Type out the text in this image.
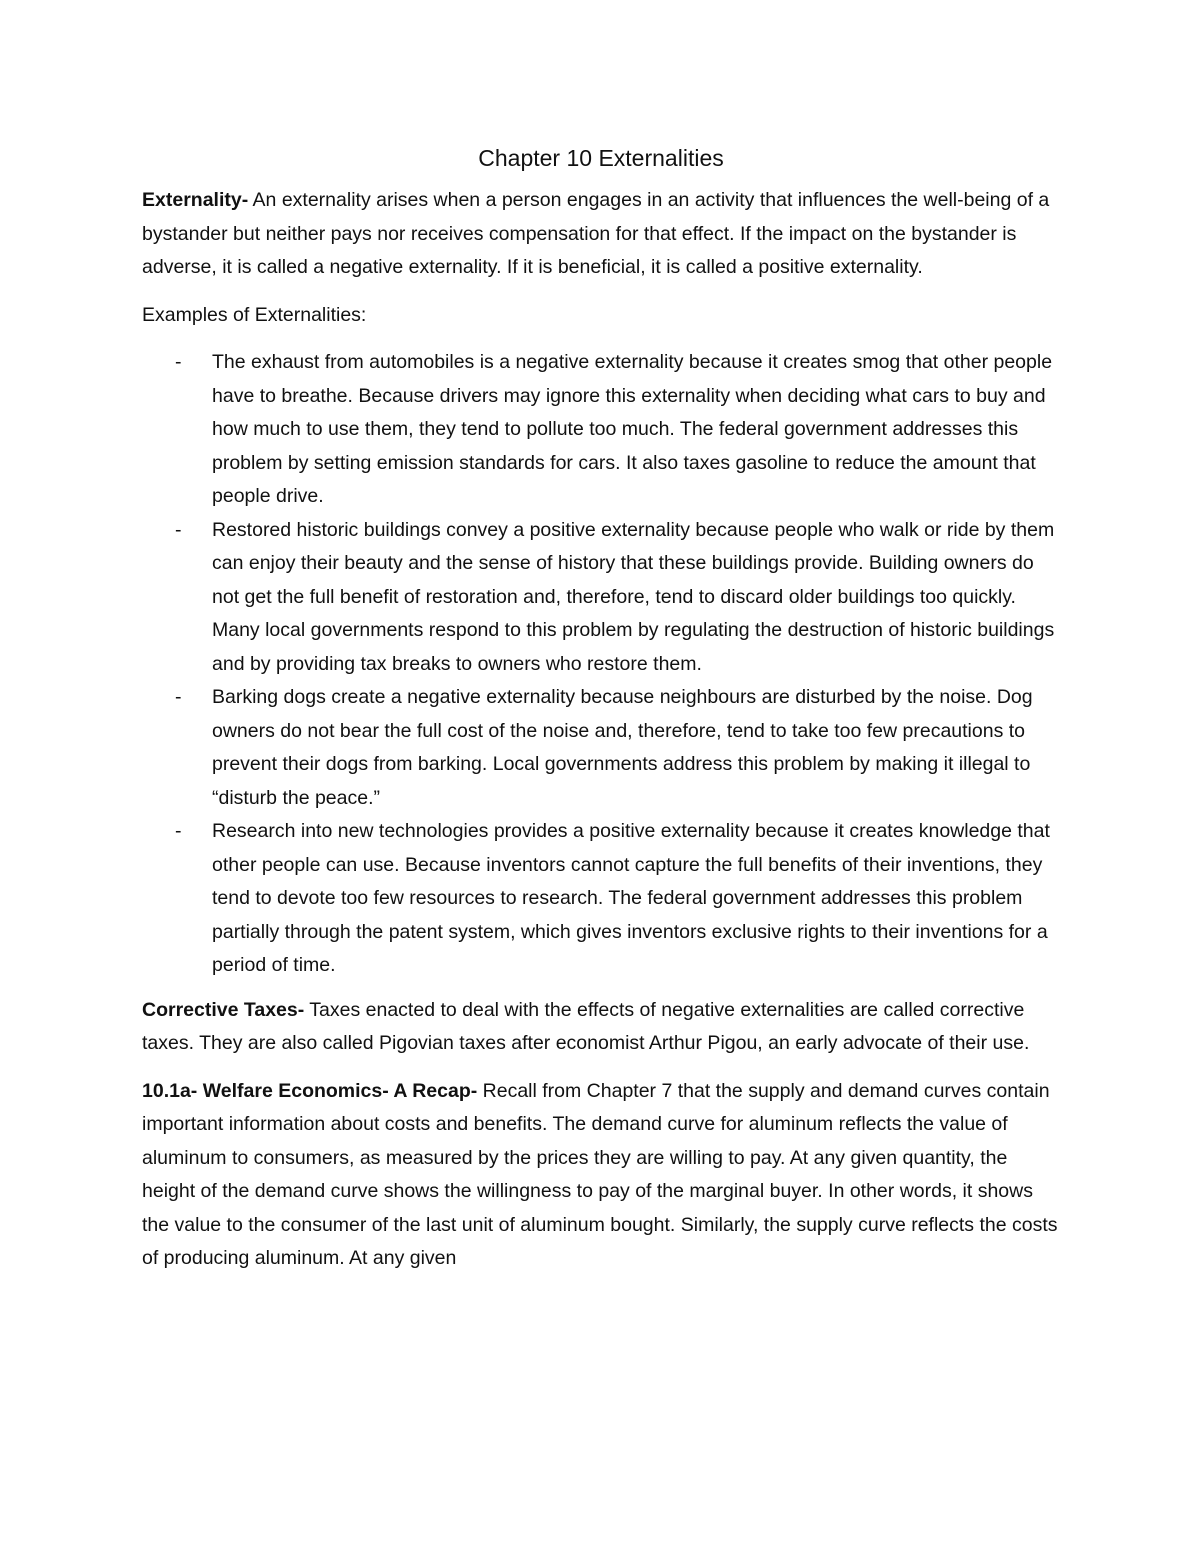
Chapter 10 Externalities

Externality- An externality arises when a person engages in an activity that influences the well-being of a bystander but neither pays nor receives compensation for that effect. If the impact on the bystander is adverse, it is called a negative externality. If it is beneficial, it is called a positive externality.

Examples of Externalities:

- The exhaust from automobiles is a negative externality because it creates smog that other people have to breathe. Because drivers may ignore this externality when deciding what cars to buy and how much to use them, they tend to pollute too much. The federal government addresses this problem by setting emission standards for cars. It also taxes gasoline to reduce the amount that people drive.
- Restored historic buildings convey a positive externality because people who walk or ride by them can enjoy their beauty and the sense of history that these buildings provide. Building owners do not get the full benefit of restoration and, therefore, tend to discard older buildings too quickly. Many local governments respond to this problem by regulating the destruction of historic buildings and by providing tax breaks to owners who restore them.
- Barking dogs create a negative externality because neighbours are disturbed by the noise. Dog owners do not bear the full cost of the noise and, therefore, tend to take too few precautions to prevent their dogs from barking. Local governments address this problem by making it illegal to “disturb the peace.”
- Research into new technologies provides a positive externality because it creates knowledge that other people can use. Because inventors cannot capture the full benefits of their inventions, they tend to devote too few resources to research. The federal government addresses this problem partially through the patent system, which gives inventors exclusive rights to their inventions for a period of time.

Corrective Taxes- Taxes enacted to deal with the effects of negative externalities are called corrective taxes. They are also called Pigovian taxes after economist Arthur Pigou, an early advocate of their use.

10.1a- Welfare Economics- A Recap- Recall from Chapter 7 that the supply and demand curves contain important information about costs and benefits. The demand curve for aluminum reflects the value of aluminum to consumers, as measured by the prices they are willing to pay. At any given quantity, the height of the demand curve shows the willingness to pay of the marginal buyer. In other words, it shows the value to the consumer of the last unit of aluminum bought. Similarly, the supply curve reflects the costs of producing aluminum. At any given
